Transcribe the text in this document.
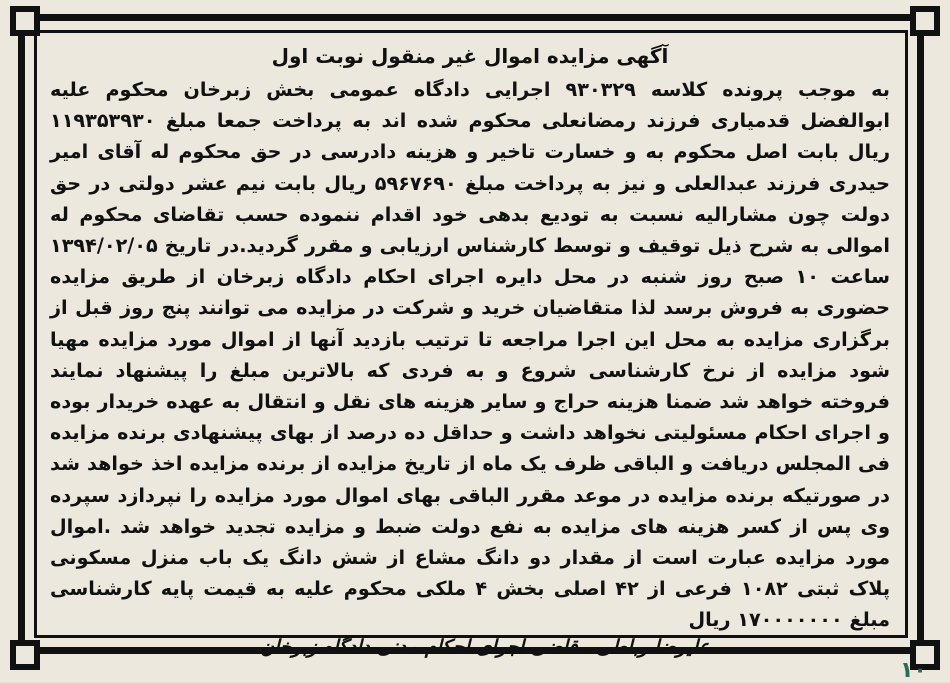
آگهی مزایده اموال غیر منقول نوبت اول
به موجب پرونده کلاسه ۹۳۰۳۲۹ اجرایی دادگاه عمومی بخش زبرخان محکوم علیه ابوالفضل قدمیاری فرزند رمضانعلی محکوم شده اند به پرداخت جمعا مبلغ ۱۱۹۳۵۳۹۳۰ ریال بابت اصل محکوم به و خسارت تاخیر و هزینه دادرسی در حق محکوم له آقای امیر حیدری فرزند عبدالعلی و نیز به پرداخت مبلغ ۵۹۶۷۶۹۰ ریال بابت نیم عشر دولتی در حق دولت چون مشارالیه نسبت به تودیع بدهی خود اقدام ننموده حسب تقاضای محکوم له اموالی به شرح ذیل توقیف و توسط کارشناس ارزیابی و مقرر گردید.در تاریخ ۱۳۹۴/۰۲/۰۵ ساعت ۱۰ صبح روز شنبه در محل دایره اجرای احکام دادگاه زبرخان از طریق مزایده حضوری به فروش برسد لذا متقاضیان خرید و شرکت در مزایده می توانند پنج روز قبل از برگزاری مزایده به محل این اجرا مراجعه تا ترتیب بازدید آنها از اموال مورد مزایده مهیا شود مزایده از نرخ کارشناسی شروع و به فردی که بالاترین مبلغ را پیشنهاد نمایند فروخته خواهد شد ضمنا هزینه حراج و سایر هزینه های نقل و انتقال به عهده خریدار بوده و اجرای احکام مسئولیتی نخواهد داشت و حداقل ده درصد از بهای پیشنهادی برنده مزایده فی المجلس دریافت و الباقی ظرف یک ماه از تاریخ مزایده از برنده مزایده اخذ خواهد شد در صورتیکه برنده مزایده در موعد مقرر الباقی بهای اموال مورد مزایده را نپردازد سپرده وی پس از کسر هزینه های مزایده به نفع دولت ضبط و مزایده تجدید خواهد شد .اموال مورد مزایده عبارت است از مقدار دو دانگ مشاع از شش دانگ یک باب منزل مسکونی پلاک ثبتی ۱۰۸۲ فرعی از ۴۲ اصلی بخش ۴ ملکی محکوم علیه به قیمت پایه کارشناسی مبلغ ۱۷۰۰۰۰۰۰۰ ریال
علیرضا رباطی ـ قاضی اجرای احکام مدنی دادگاه زبرخان
۱۰
